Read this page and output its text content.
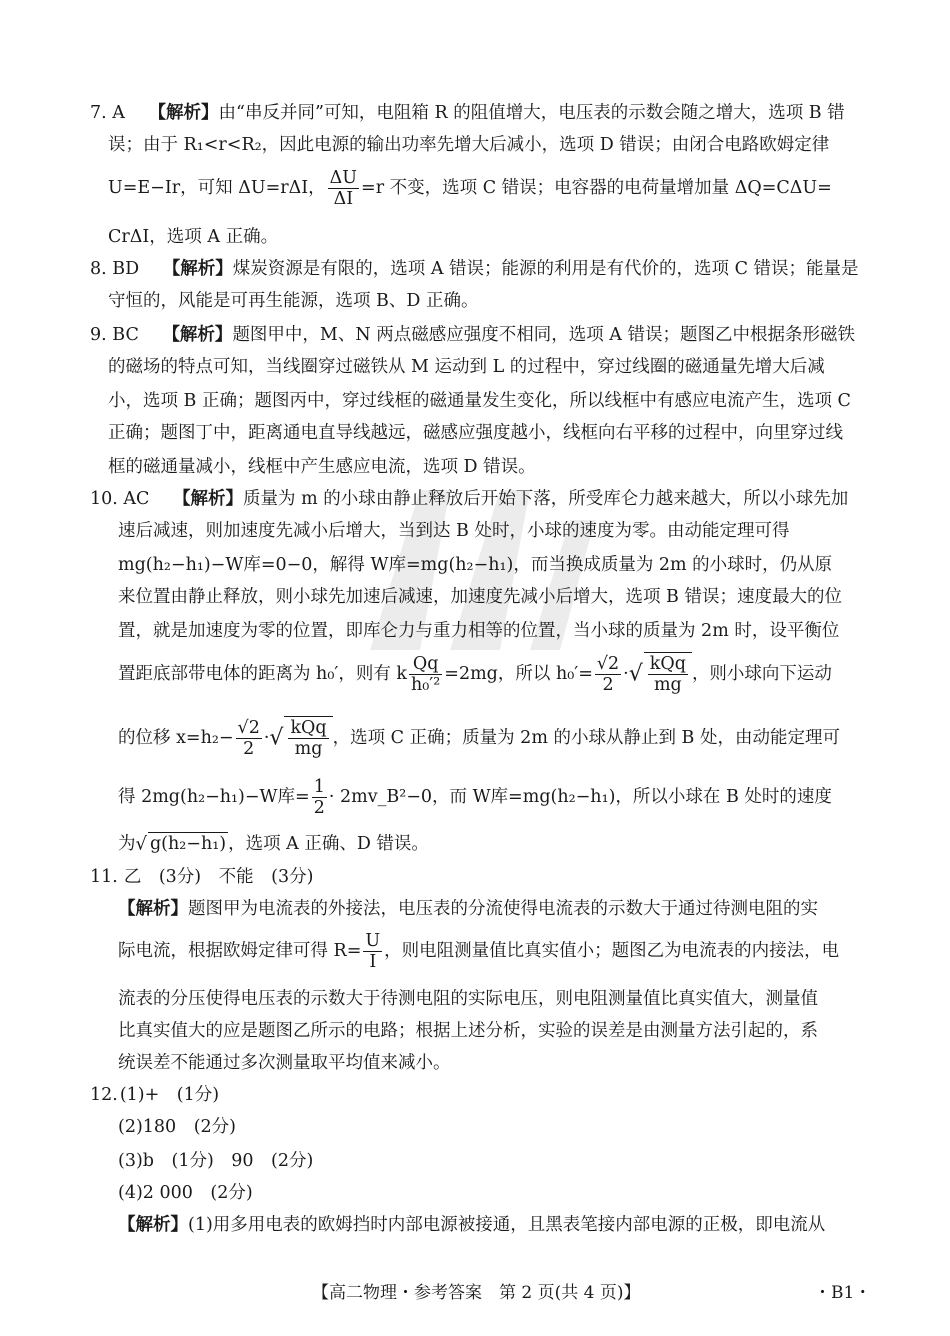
7. A 【解析】由“串反并同”可知，电阻箱 R 的阻值增大，电压表的示数会随之增大，选项 B 错
误；由于 R₁<r<R₂，因此电源的输出功率先增大后减小，选项 D 错误；由闭合电路欧姆定律
U=E−Ir，可知 ΔU=rΔI， $\frac{\Delta U}{\Delta I} =r$ 不变，选项 C 错误；电容器的电荷量增加量 ΔQ=CΔU=
CrΔI，选项 A 正确。
8. BD 【解析】煤炭资源是有限的，选项 A 错误；能源的利用是有代价的，选项 C 错误；能量是
守恒的，风能是可再生能源，选项 B、D 正确。
9. BC 【解析】题图甲中，M、N 两点磁感应强度不相同，选项 A 错误；题图乙中根据条形磁铁
的磁场的特点可知，当线圈穿过磁铁从 M 运动到 L 的过程中，穿过线圈的磁通量先增大后减
小，选项 B 正确；题图丙中，穿过线框的磁通量发生变化，所以线框中有感应电流产生，选项 C
正确；题图丁中，距离通电直导线越远，磁感应强度越小，线框向右平移的过程中，向里穿过线
框的磁通量减小，线框中产生感应电流，选项 D 错误。
10. AC 【解析】质量为 m 的小球由静止释放后开始下落，所受库仑力越来越大，所以小球先加
速后减速，则加速度先减小后增大，当到达 B 处时，小球的速度为零。由动能定理可得
mg(h₂−h₁)−W库=0−0，解得 W库=mg(h₂−h₁)，而当换成质量为 2m 的小球时，仍从原
来位置由静止释放，则小球先加速后减速，加速度先减小后增大，选项 B 错误；速度最大的位
置，就是加速度为零的位置，即库仑力与重力相等的位置，当小球的质量为 2m 时，设平衡位
置距底部带电体的距离为 h₀′，则有 k $\frac{Qq}{\text{h₀′²}} =2mg$，所以 $h_0'= \frac{√2}{2}$ ·√ $\frac{\text{kQq}}{mg}$ ，则小球向下运动
的位移 $x=h_2- \frac{√2}{2}$ ·√ $\frac{\text{kQq}}{mg}$ ，选项 C 正确；质量为 2m 的小球从静止到 B 处，由动能定理可
得 2mg(h₂−h₁)−W库= $\frac{1}{2}$ · 2mv_B²−0，而 W库=mg(h₂−h₁)，所以小球在 B 处时的速度
为√ g(h₂−h₁) ，选项 A 正确、D 错误。
11. 乙　(3分)　不能　(3分)
【解析】题图甲为电流表的外接法，电压表的分流使得电流表的示数大于通过待测电阻的实
际电流，根据欧姆定律可得 $R= \frac{U}{I}$ ，则电阻测量值比真实值小；题图乙为电流表的内接法，电
流表的分压使得电压表的示数大于待测电阻的实际电压，则电阻测量值比真实值大，测量值
比真实值大的应是题图乙所示的电路；根据上述分析，实验的误差是由测量方法引起的，系
统误差不能通过多次测量取平均值来减小。
12. (1)+　(1分)
(2)180　(2分)
(3)b　(1分)　90　(2分)
(4)2 000　(2分)
【解析】(1)用多用电表的欧姆挡时内部电源被接通，且黑表笔接内部电源的正极，即电流从
【高二物理・参考答案　第 2 页(共 4 页)】	・B1・
